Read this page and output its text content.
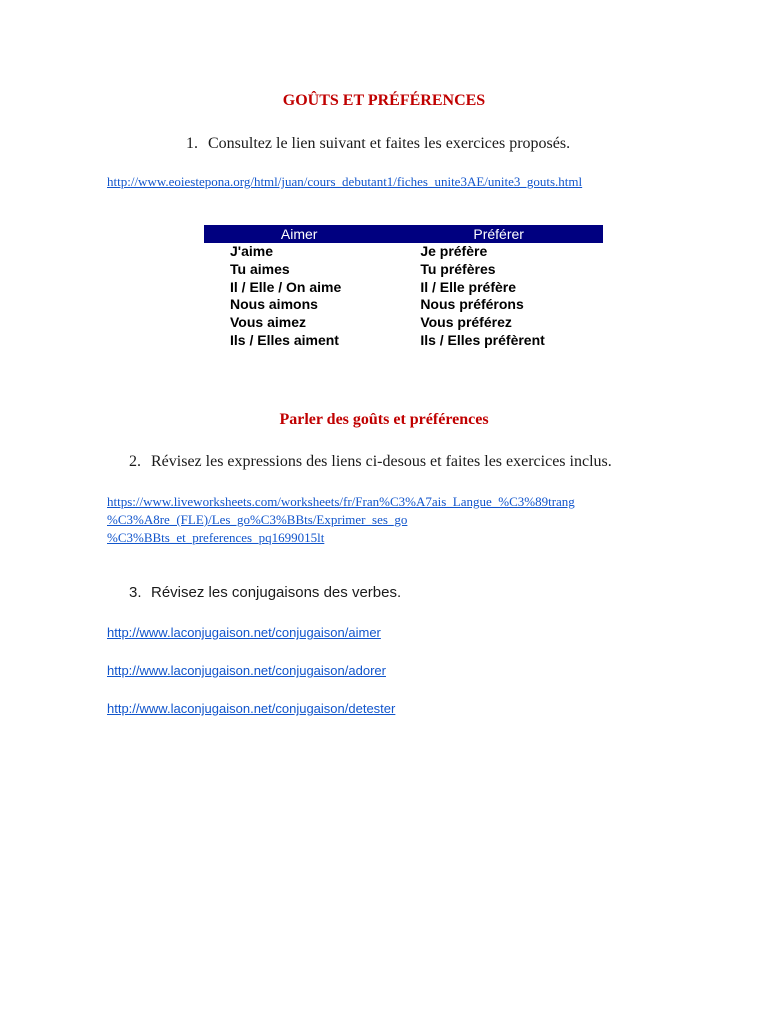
GOÛTS ET PRÉFÉRENCES
1. Consultez le lien suivant et faites les exercices proposés.
http://www.eoiestepona.org/html/juan/cours_debutant1/fiches_unite3AE/unite3_gouts.html
Aimer	Préférer
J'aime	Je préfère
Tu aimes	Tu préfères
Il / Elle / On aime	Il / Elle préfère
Nous aimons	Nous préférons
Vous aimez	Vous préférez
Ils / Elles aiment	Ils / Elles préfèrent
Parler des goûts et préférences
2. Révisez les expressions des liens ci-desous et faites les exercices inclus.
https://www.liveworksheets.com/worksheets/fr/Fran%C3%A7ais_Langue_%C3%89trang
%C3%A8re_(FLE)/Les_go%C3%BBts/Exprimer_ses_go
%C3%BBts_et_preferences_pq1699015lt
3. Révisez les conjugaisons des verbes.
http://www.laconjugaison.net/conjugaison/aimer
http://www.laconjugaison.net/conjugaison/adorer
http://www.laconjugaison.net/conjugaison/detester
